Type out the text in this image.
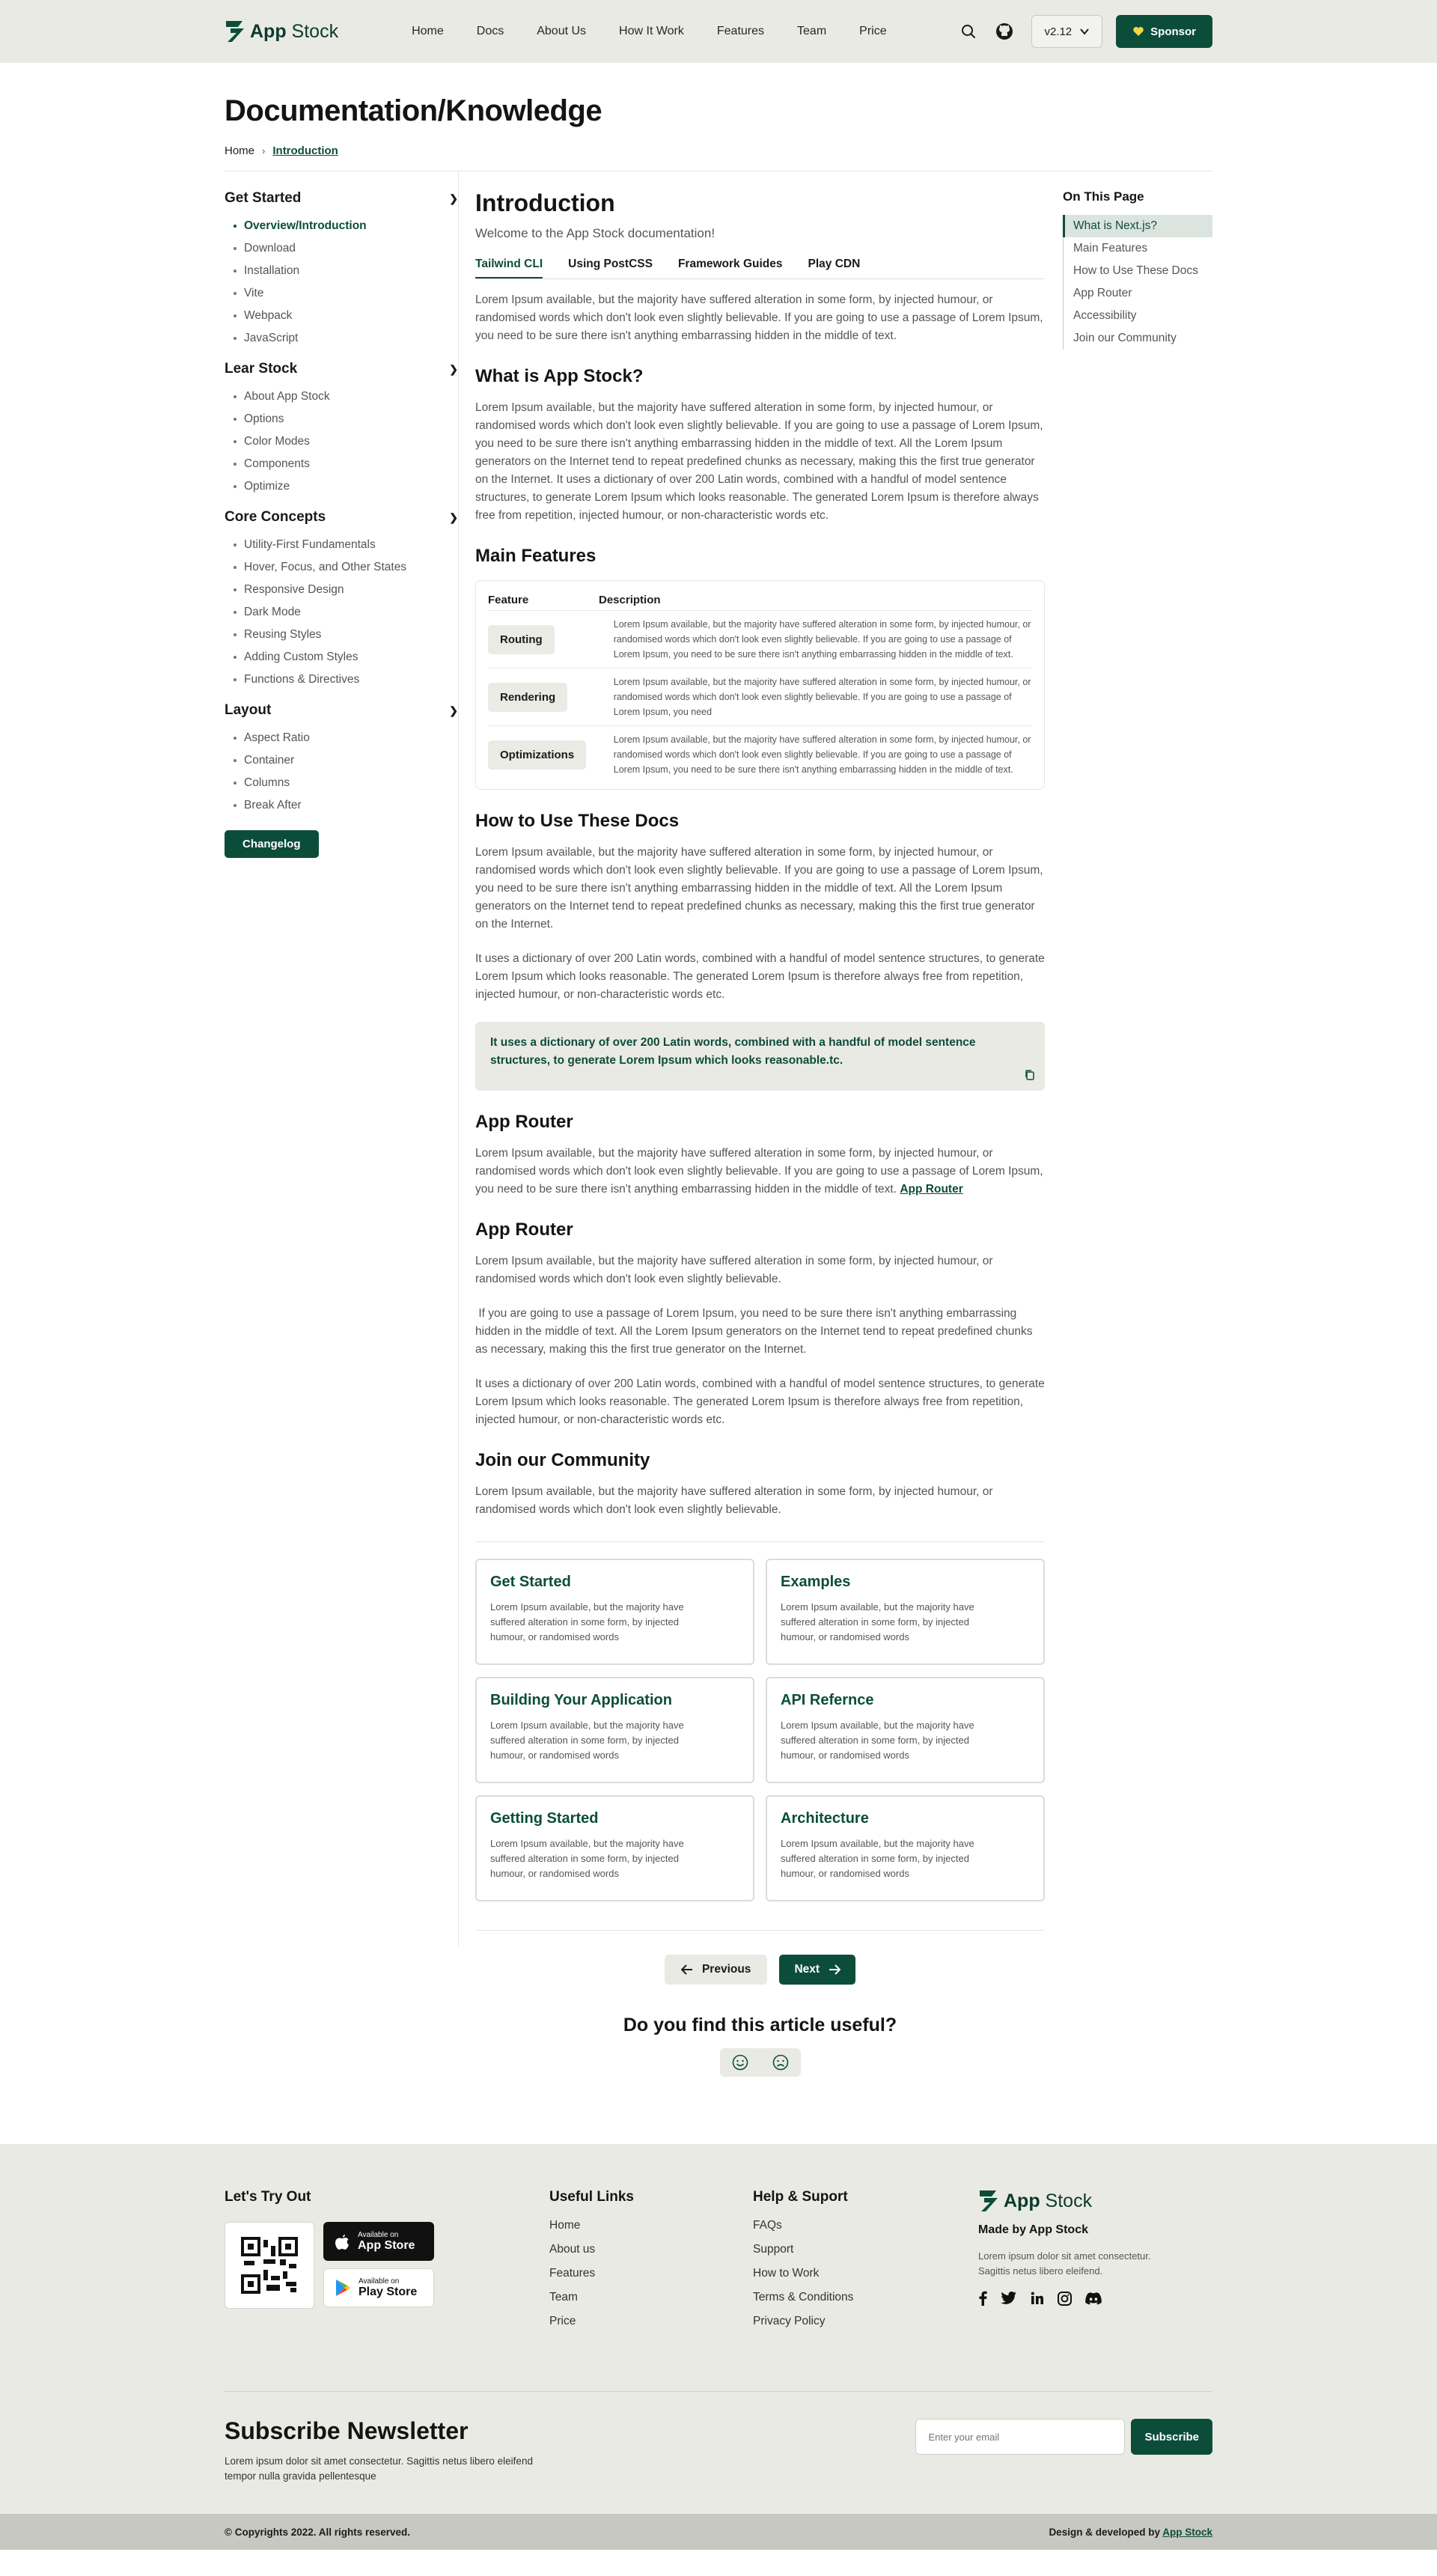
App Stock	Home	Docs	About Us	How It Work	Features	Team	Price	v2.12	Sponsor
Documentation/Knowledge
Home › Introduction
Get Started	❯
Overview/Introduction
Download
Installation
Vite
Webpack
JavaScript
Lear Stock	❯
About App Stock
Options
Color Modes
Components
Optimize
Core Concepts	❯
Utility-First Fundamentals
Hover, Focus, and Other States
Responsive Design
Dark Mode
Reusing Styles
Adding Custom Styles
Functions & Directives
Layout	❯
Aspect Ratio
Container
Columns
Break After
Changelog
Introduction
Welcome to the App Stock documentation!
Tailwind CLI Using PostCSS Framework Guides Play CDN

Lorem Ipsum available, but the majority have suffered alteration in some form, by injected humour, or randomised words which don't look even slightly believable. If you are going to use a passage of Lorem Ipsum, you need to be sure there isn't anything embarrassing hidden in the middle of text.

What is App Stock?

Lorem Ipsum available, but the majority have suffered alteration in some form, by injected humour, or randomised words which don't look even slightly believable. If you are going to use a passage of Lorem Ipsum, you need to be sure there isn't anything embarrassing hidden in the middle of text. All the Lorem Ipsum generators on the Internet tend to repeat predefined chunks as necessary, making this the first true generator on the Internet. It uses a dictionary of over 200 Latin words, combined with a handful of model sentence structures, to generate Lorem Ipsum which looks reasonable. The generated Lorem Ipsum is therefore always free from repetition, injected humour, or non-characteristic words etc.

Main Features
Feature	Description
Routing
Lorem Ipsum available, but the majority have suffered alteration in some form, by injected humour, or randomised words which don't look even slightly believable. If you are going to use a passage of Lorem Ipsum, you need to be sure there isn't anything embarrassing hidden in the middle of text.
Rendering
Lorem Ipsum available, but the majority have suffered alteration in some form, by injected humour, or randomised words which don't look even slightly believable. If you are going to use a passage of Lorem Ipsum, you need
Optimizations
Lorem Ipsum available, but the majority have suffered alteration in some form, by injected humour, or randomised words which don't look even slightly believable. If you are going to use a passage of Lorem Ipsum, you need to be sure there isn't anything embarrassing hidden in the middle of text.
How to Use These Docs

Lorem Ipsum available, but the majority have suffered alteration in some form, by injected humour, or randomised words which don't look even slightly believable. If you are going to use a passage of Lorem Ipsum, you need to be sure there isn't anything embarrassing hidden in the middle of text. All the Lorem Ipsum generators on the Internet tend to repeat predefined chunks as necessary, making this the first true generator on the Internet.

It uses a dictionary of over 200 Latin words, combined with a handful of model sentence structures, to generate Lorem Ipsum which looks reasonable. The generated Lorem Ipsum is therefore always free from repetition, injected humour, or non-characteristic words etc.

It uses a dictionary of over 200 Latin words, combined with a handful of model sentence structures, to generate Lorem Ipsum which looks reasonable.tc.

App Router

Lorem Ipsum available, but the majority have suffered alteration in some form, by injected humour, or randomised words which don't look even slightly believable. If you are going to use a passage of Lorem Ipsum, you need to be sure there isn't anything embarrassing hidden in the middle of text. App Router

App Router

Lorem Ipsum available, but the majority have suffered alteration in some form, by injected humour, or randomised words which don't look even slightly believable.

If you are going to use a passage of Lorem Ipsum, you need to be sure there isn't anything embarrassing hidden in the middle of text. All the Lorem Ipsum generators on the Internet tend to repeat predefined chunks as necessary, making this the first true generator on the Internet.

It uses a dictionary of over 200 Latin words, combined with a handful of model sentence structures, to generate Lorem Ipsum which looks reasonable. The generated Lorem Ipsum is therefore always free from repetition, injected humour, or non-characteristic words etc.

Join our Community

Lorem Ipsum available, but the majority have suffered alteration in some form, by injected humour, or randomised words which don't look even slightly believable.

Get Started

Lorem Ipsum available, but the majority have suffered alteration in some form, by injected humour, or randomised words

Examples

Lorem Ipsum available, but the majority have suffered alteration in some form, by injected humour, or randomised words

Building Your Application

Lorem Ipsum available, but the majority have suffered alteration in some form, by injected humour, or randomised words

API Refernce

Lorem Ipsum available, but the majority have suffered alteration in some form, by injected humour, or randomised words

Getting Started

Lorem Ipsum available, but the majority have suffered alteration in some form, by injected humour, or randomised words

Architecture

Lorem Ipsum available, but the majority have suffered alteration in some form, by injected humour, or randomised words

On This Page
What is Next.js?
Main Features
How to Use These Docs
App Router
Accessibility
Join our Community
Previous	Next
Do you find this article useful?
Let's Try Out
Available on
App Store
Available on
Play Store
Useful Links
Home
About us
Features
Team
Price
Help & Suport
FAQs
Support
How to Work
Terms & Conditions
Privacy Policy
App Stock
Made by App Stock
Lorem ipsum dolor sit amet consectetur. Sagittis netus libero eleifend.
Subscribe Newsletter
Lorem ipsum dolor sit amet consectetur. Sagittis netus libero eleifend tempor nulla gravida pellentesque
Enter your email
Subscribe
© Copyrights 2022. All rights reserved.	Design & developed by App Stock
